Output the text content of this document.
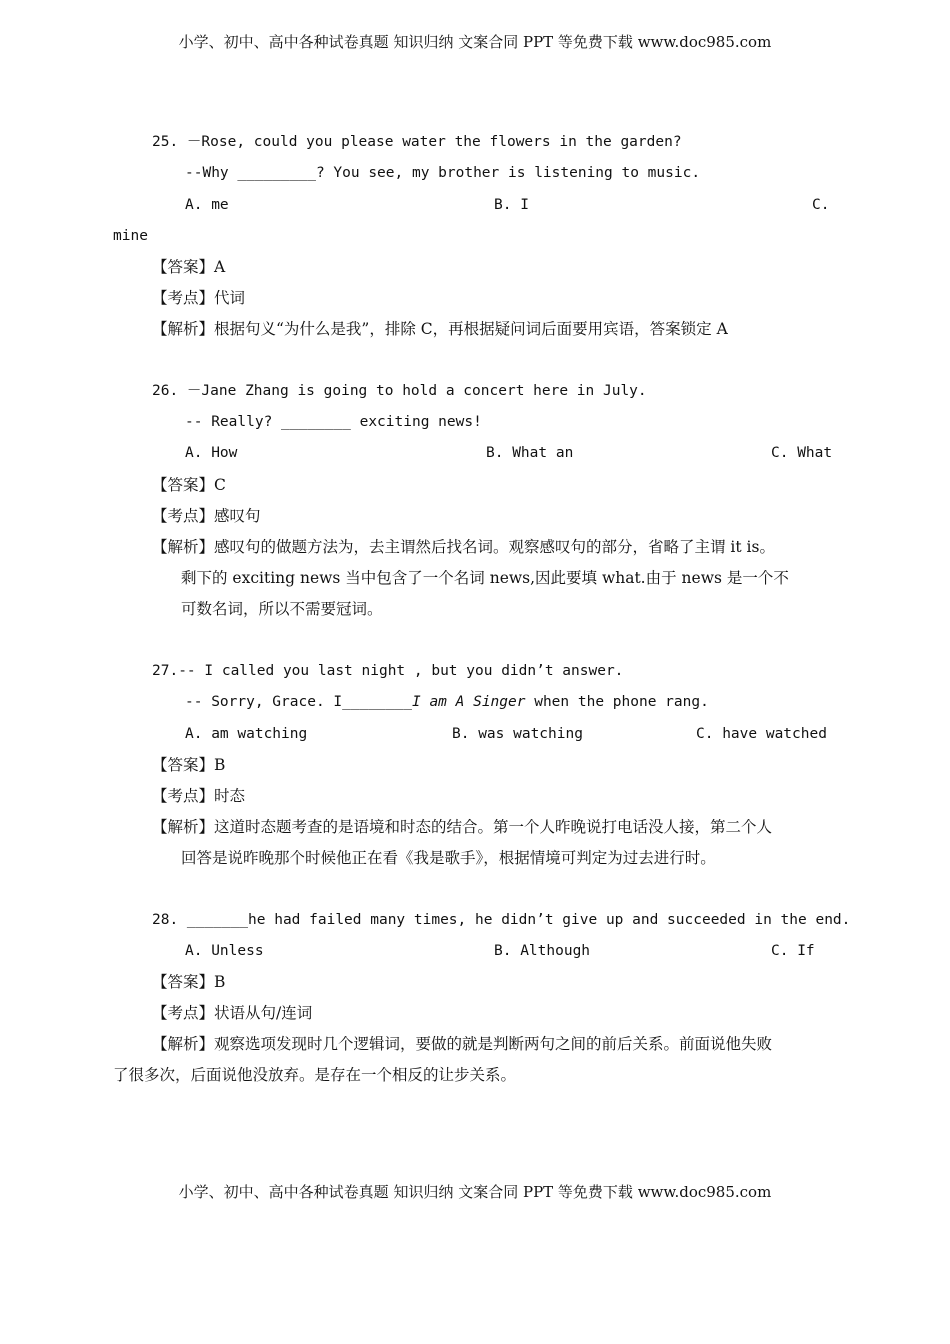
小学、初中、高中各种试卷真题 知识归纳 文案合同 PPT 等免费下载 www.doc985.com
25. －Rose, could you please water the flowers in the garden?
--Why _________? You see, my brother is listening to music.
A. me	B. I	C.
mine
【答案】A
【考点】代词
【解析】根据句义“为什么是我”，排除 C，再根据疑问词后面要用宾语，答案锁定 A
26. －Jane Zhang is going to hold a concert here in July.
-- Really? ________ exciting news!
A. How	B. What an	C. What
【答案】C
【考点】感叹句
【解析】感叹句的做题方法为，去主谓然后找名词。观察感叹句的部分，省略了主谓 it is。
剩下的 exciting news 当中包含了一个名词 news,因此要填 what.由于 news 是一个不
可数名词，所以不需要冠词。
27.-- I called you last night , but you didn’t answer.
-- Sorry, Grace. I________I am A Singer when the phone rang.
A. am watching	B. was watching	C. have watched
【答案】B
【考点】时态
【解析】这道时态题考查的是语境和时态的结合。第一个人昨晚说打电话没人接，第二个人
回答是说昨晚那个时候他正在看《我是歌手》，根据情境可判定为过去进行时。
28. _______he had failed many times, he didn’t give up and succeeded in the end.
A. Unless	B. Although	C. If
【答案】B
【考点】状语从句/连词
【解析】观察选项发现时几个逻辑词，要做的就是判断两句之间的前后关系。前面说他失败
了很多次，后面说他没放弃。是存在一个相反的让步关系。
小学、初中、高中各种试卷真题 知识归纳 文案合同 PPT 等免费下载 www.doc985.com
